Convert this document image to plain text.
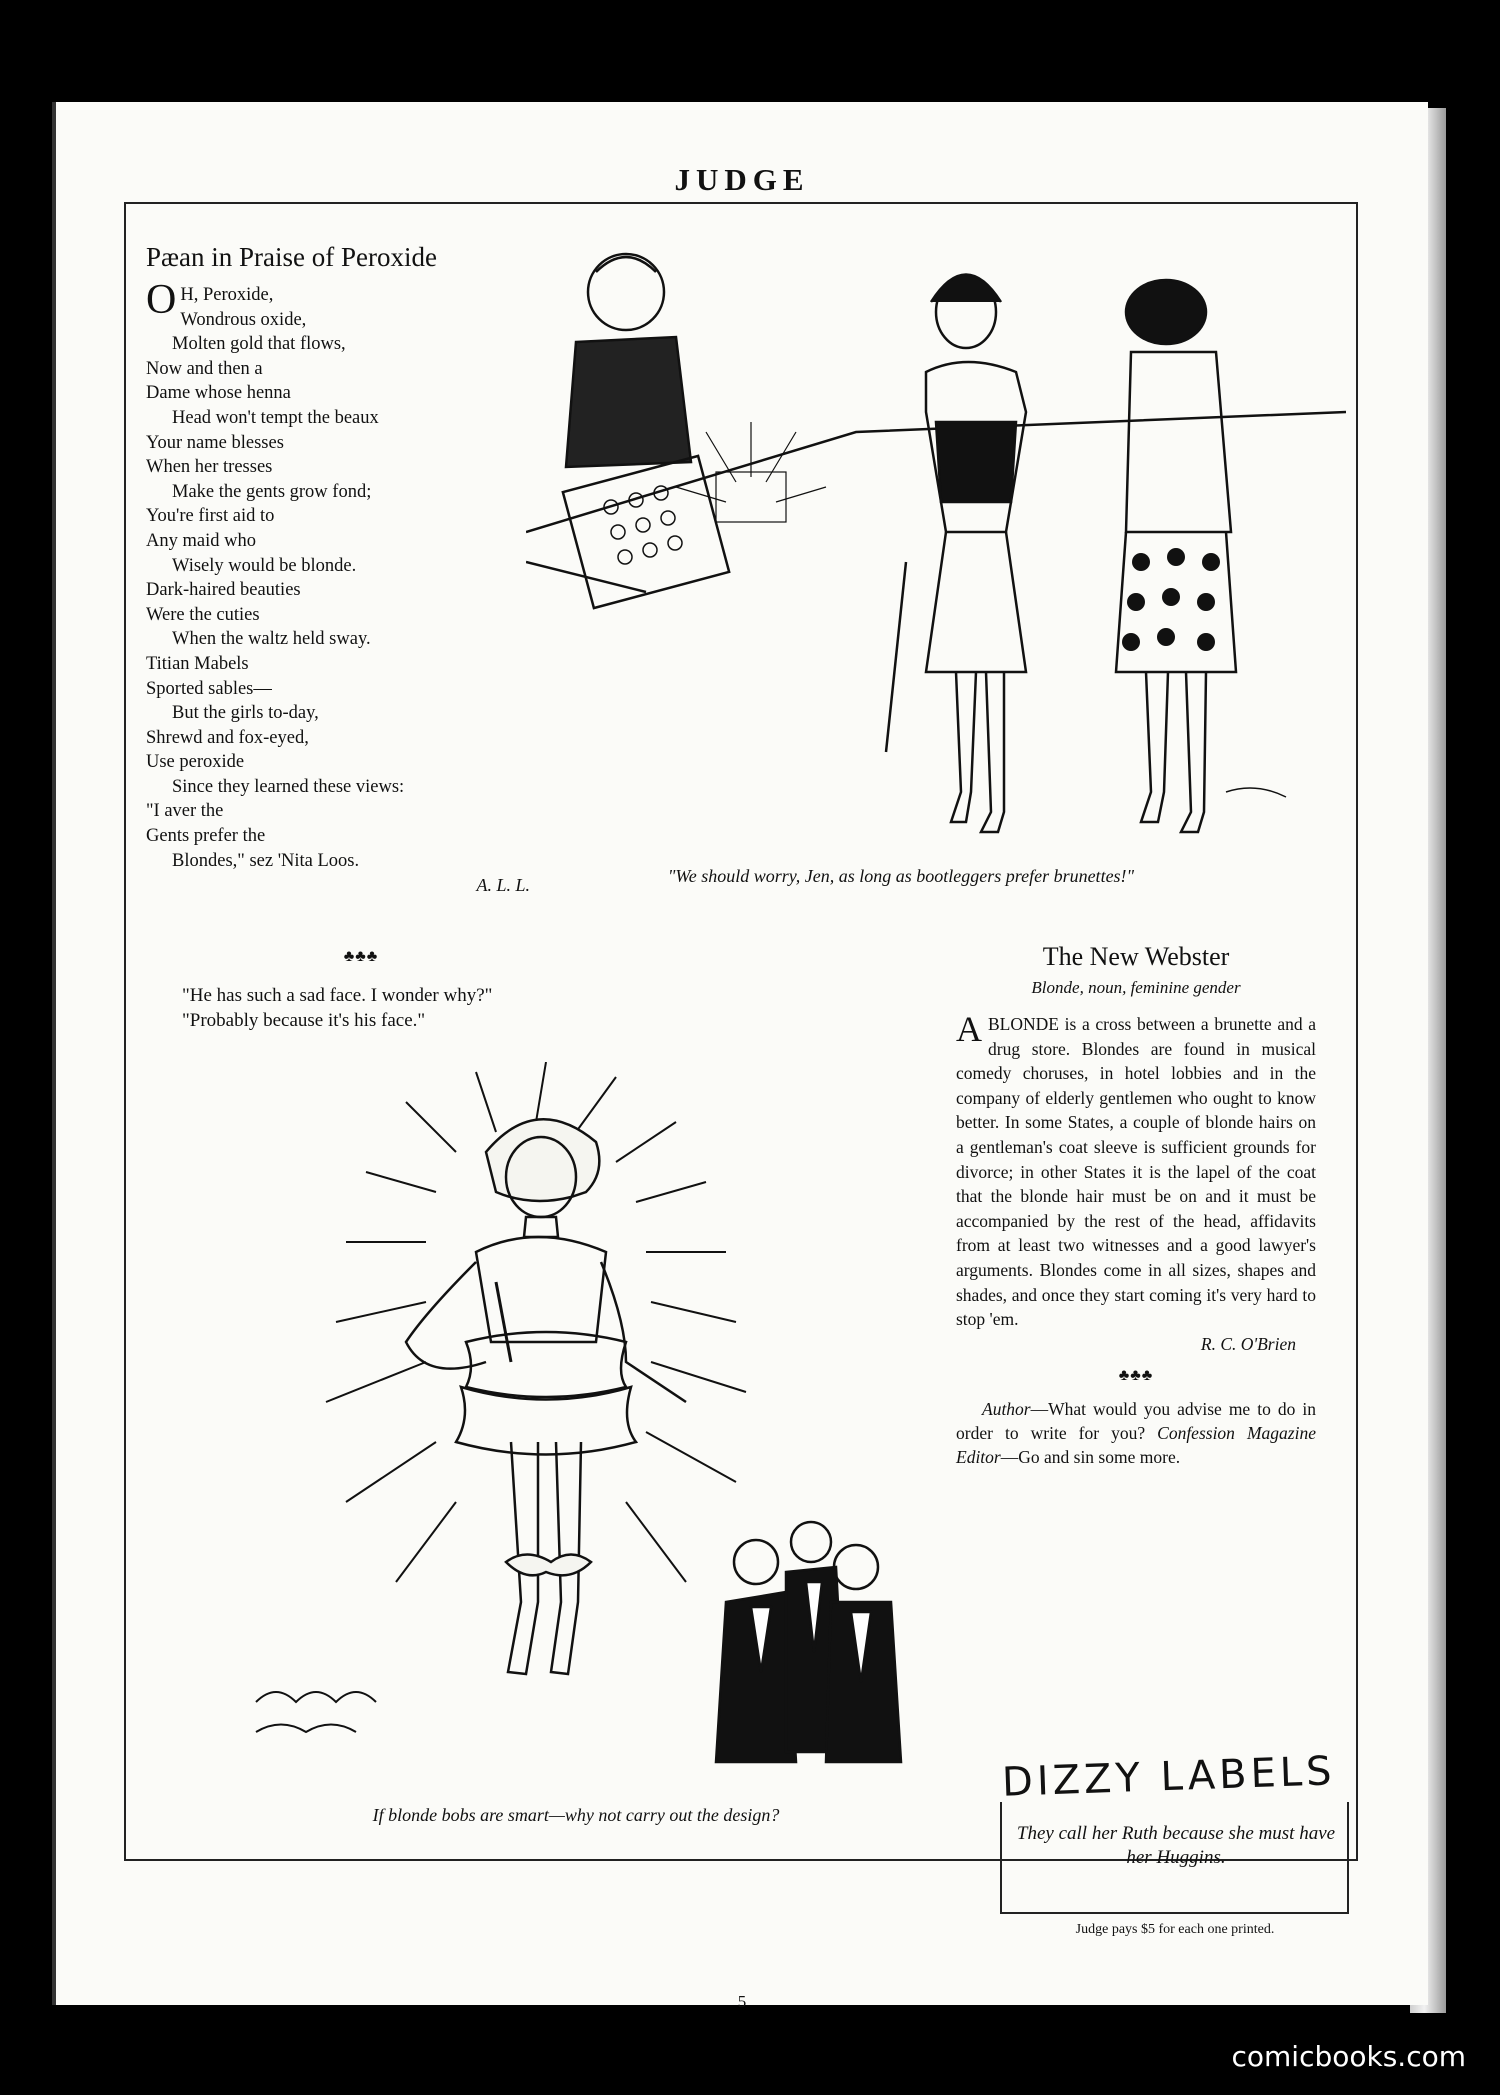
JUDGE
Pæan in Praise of Peroxide
O H, Peroxide,
Wondrous oxide,
Molten gold that flows,
Now and then a
Dame whose henna
Head won't tempt the beaux
Your name blesses
When her tresses
Make the gents grow fond;
You're first aid to
Any maid who
Wisely would be blonde.
Dark-haired beauties
Were the cuties
When the waltz held sway.
Titian Mabels
Sported sables—
But the girls to-day,
Shrewd and fox-eyed,
Use peroxide
Since they learned these views:
"I aver the
Gents prefer the
Blondes," sez 'Nita Loos.
A. L. L.	"We should worry, Jen, as long as bootleggers prefer brunettes!"
♣♣♣

"He has such a sad face. I wonder why?"

"Probably because it's his face."

If blonde bobs are smart—why not carry out the design?
The New Webster
Blonde, noun, feminine gender
ABLONDE is a cross between a brunette and a drug store. Blondes are found in musical comedy choruses, in hotel lobbies and in the company of elderly gentlemen who ought to know better. In some States, a couple of blonde hairs on a gentleman's coat sleeve is sufficient grounds for divorce; in other States it is the lapel of the coat that the blonde hair must be on and it must be accompanied by the rest of the head, affidavits from at least two witnesses and a good lawyer's arguments. Blondes come in all sizes, shapes and shades, and once they start coming it's very hard to stop 'em.
R. C. O'Brien
♣♣♣
Author—What would you advise me to do in order to write for you? Confession Magazine Editor—Go and sin some more.
DIZZY LABELS
They call her Ruth because she must have her Huggins.
Judge pays $5 for each one printed.
5
comicbooks.com
